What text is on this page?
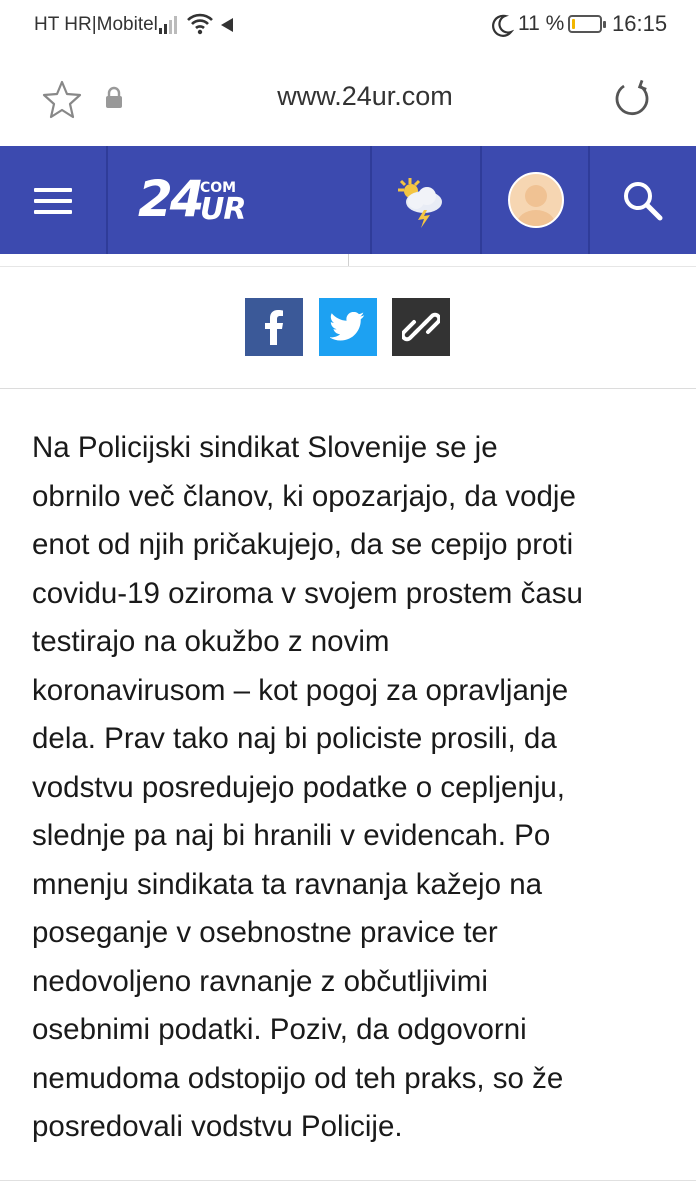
HT HR|Mobitel	11 % 16:15
www.24ur.com
24
COM
UR
Na Policijski sindikat Slovenije se je
obrnilo več članov, ki opozarjajo, da vodje
enot od njih pričakujejo, da se cepijo proti
covidu-19 oziroma v svojem prostem času
testirajo na okužbo z novim
koronavirusom – kot pogoj za opravljanje
dela. Prav tako naj bi policiste prosili, da
vodstvu posredujejo podatke o cepljenju,
slednje pa naj bi hranili v evidencah. Po
mnenju sindikata ta ravnanja kažejo na
poseganje v osebnostne pravice ter
nedovoljeno ravnanje z občutljivimi
osebnimi podatki. Poziv, da odgovorni
nemudoma odstopijo od teh praks, so že
posredovali vodstvu Policije.
